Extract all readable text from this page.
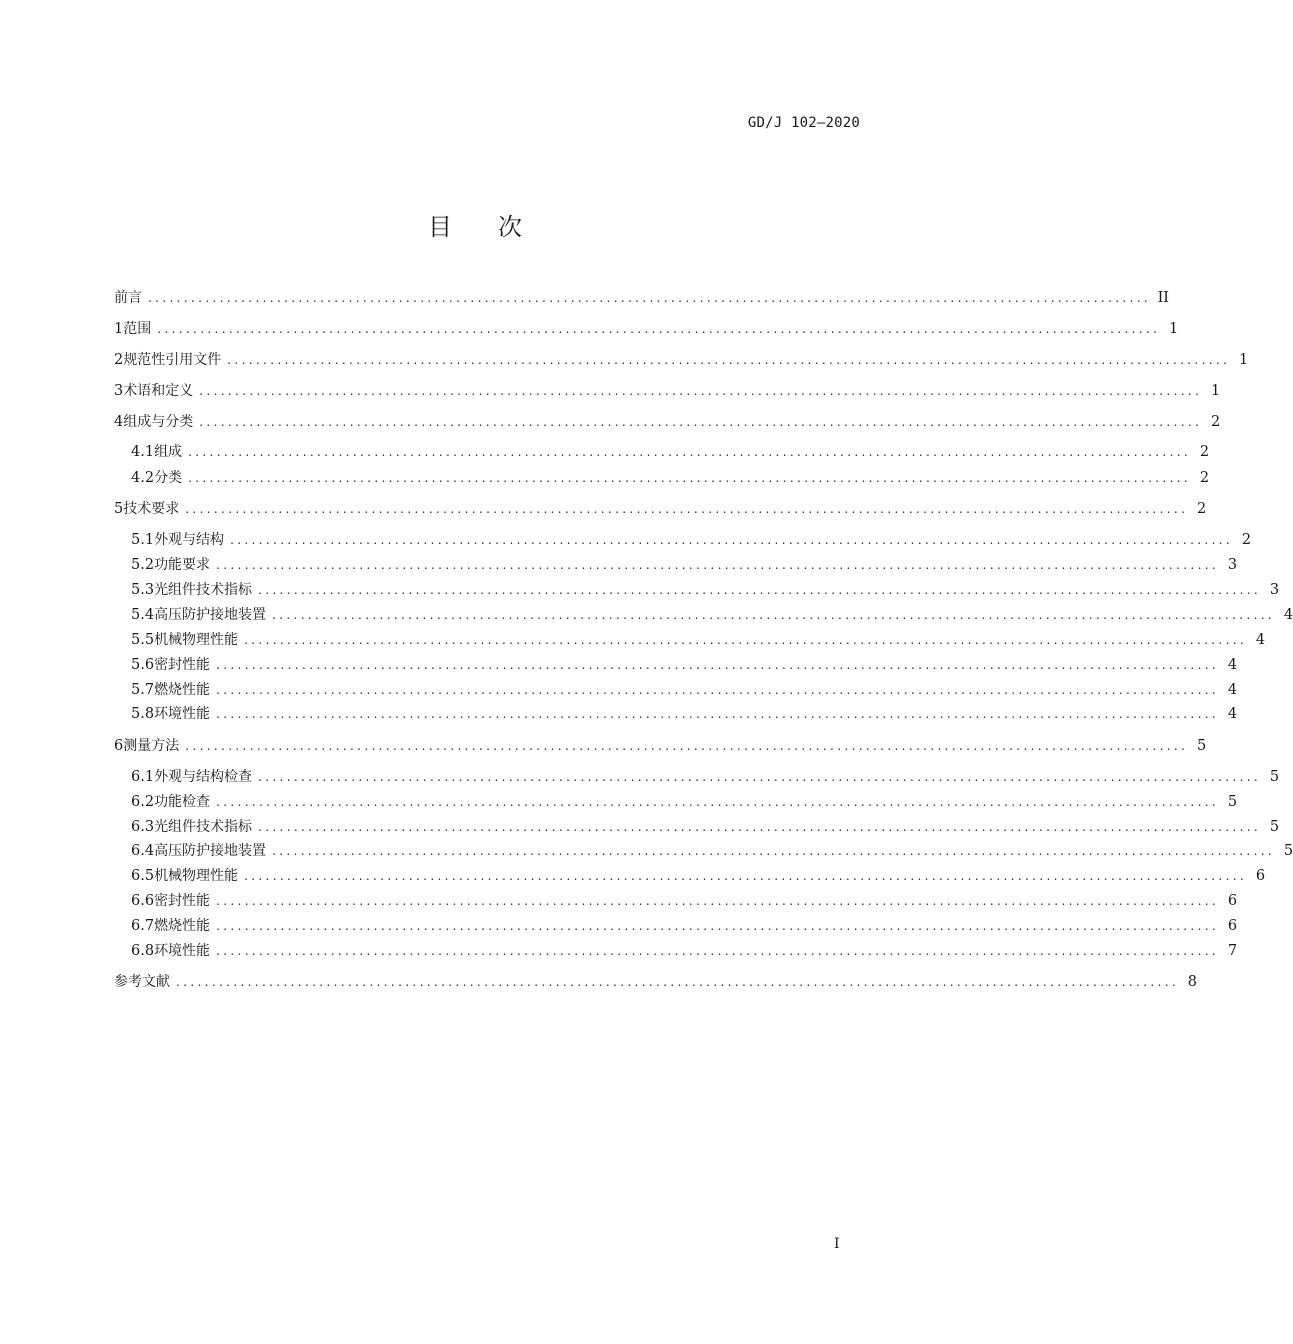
GD/J 102—2020
目次
前言 ............................................................................................................................................ II
1 范围 ............................................................................................................................................ 1
2 规范性引用文件 ............................................................................................................................................ 1
3 术语和定义 ............................................................................................................................................ 1
4 组成与分类 ............................................................................................................................................ 2
4.1 组成 ............................................................................................................................................ 2
4.2 分类 ............................................................................................................................................ 2
5 技术要求 ............................................................................................................................................ 2
5.1 外观与结构 ............................................................................................................................................ 2
5.2 功能要求 ............................................................................................................................................ 3
5.3 光组件技术指标 ............................................................................................................................................ 3
5.4 高压防护接地装置 ............................................................................................................................................ 4
5.5 机械物理性能 ............................................................................................................................................ 4
5.6 密封性能 ............................................................................................................................................ 4
5.7 燃烧性能 ............................................................................................................................................ 4
5.8 环境性能 ............................................................................................................................................ 4
6 测量方法 ............................................................................................................................................ 5
6.1 外观与结构检查 ............................................................................................................................................ 5
6.2 功能检查 ............................................................................................................................................ 5
6.3 光组件技术指标 ............................................................................................................................................ 5
6.4 高压防护接地装置 ............................................................................................................................................ 5
6.5 机械物理性能 ............................................................................................................................................ 6
6.6 密封性能 ............................................................................................................................................ 6
6.7 燃烧性能 ............................................................................................................................................ 6
6.8 环境性能 ............................................................................................................................................ 7
参考文献 ............................................................................................................................................ 8
I
